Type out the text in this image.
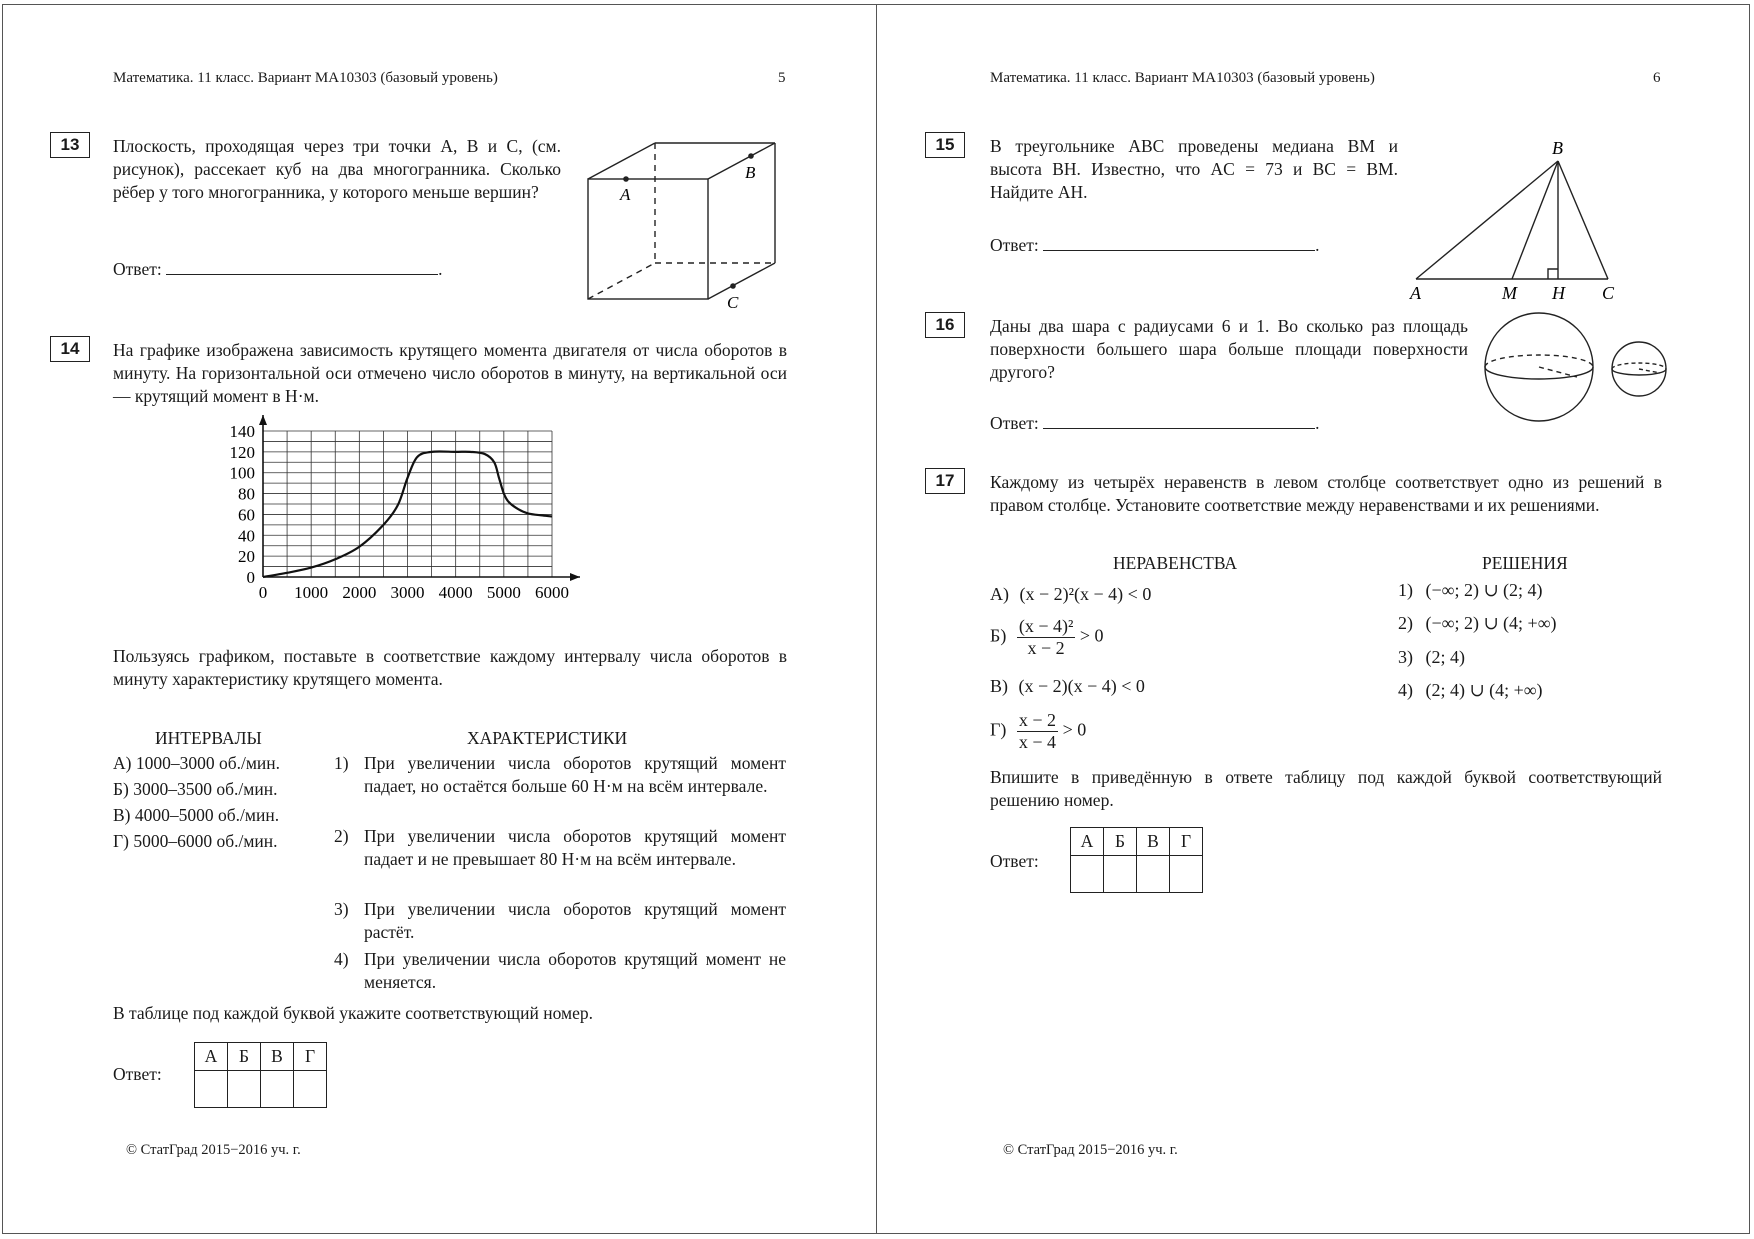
Математика. 11 класс. Вариант МА10303 (базовый уровень)	5
13	Плоскость, проходящая через три точки A, B и C, (см. рисунок), рассекает куб на два многогранника. Сколько рёбер у того многогранника, у которого меньше вершин?	A
B
C
Ответ:	.
14	На графике изображена зависимость крутящего момента двигателя от числа оборотов в минуту. На горизонтальной оси отмечено число оборотов в минуту, на вертикальной оси — крутящий момент в Н·м.
0 1000 2000 3000 4000 5000 6000
0
20
40
60
80
100
120
140
Пользуясь графиком, поставьте в соответствие каждому интервалу числа оборотов в минуту характеристику крутящего момента.
ИНТЕРВАЛЫ	ХАРАКТЕРИСТИКИ
А) 1000–3000 об./мин.
Б) 3000–3500 об./мин.
В) 4000–5000 об./мин.
Г) 5000–6000 об./мин.
1) При увеличении числа оборотов крутящий момент падает, но остаётся больше 60 Н·м на всём интервале.
2) При увеличении числа оборотов крутящий момент падает и не превышает 80 Н·м на всём интервале.
3) При увеличении числа оборотов крутящий момент растёт.
4) При увеличении числа оборотов крутящий момент не меняется.
В таблице под каждой буквой укажите соответствующий номер.
Ответ:
А	Б	В	Г

© СтатГрад 2015−2016 уч. г.
Математика. 11 класс. Вариант МА10303 (базовый уровень)	6
15	В треугольнике ABC проведены медиана BM и высота BH. Известно, что AC = 73 и BC = BM. Найдите AH.
Ответ:	.
B
A	M H C
16	Даны два шара с радиусами 6 и 1. Во сколько раз площадь поверхности большего шара больше площади поверхности другого?
Ответ:	.
17	Каждому из четырёх неравенств в левом столбце соответствует одно из решений в правом столбце. Установите соответствие между неравенствами и их решениями.
НЕРАВЕНСТВА	РЕШЕНИЯ
А) (x − 2)²(x − 4) < 0
$Б) \frac{\text{(x − 4)²}}{x - 2} > 0$
В) (x − 2)(x − 4) < 0
$Г) \frac{x - 2}{x - 4} > 0$
1) (−∞; 2) ∪ (2; 4)
2) (−∞; 2) ∪ (4; +∞)
3) (2; 4)
4) (2; 4) ∪ (4; +∞)
Впишите в приведённую в ответе таблицу под каждой буквой соответствующий решению номер.
Ответ:
А	Б	В	Г

© СтатГрад 2015−2016 уч. г.
